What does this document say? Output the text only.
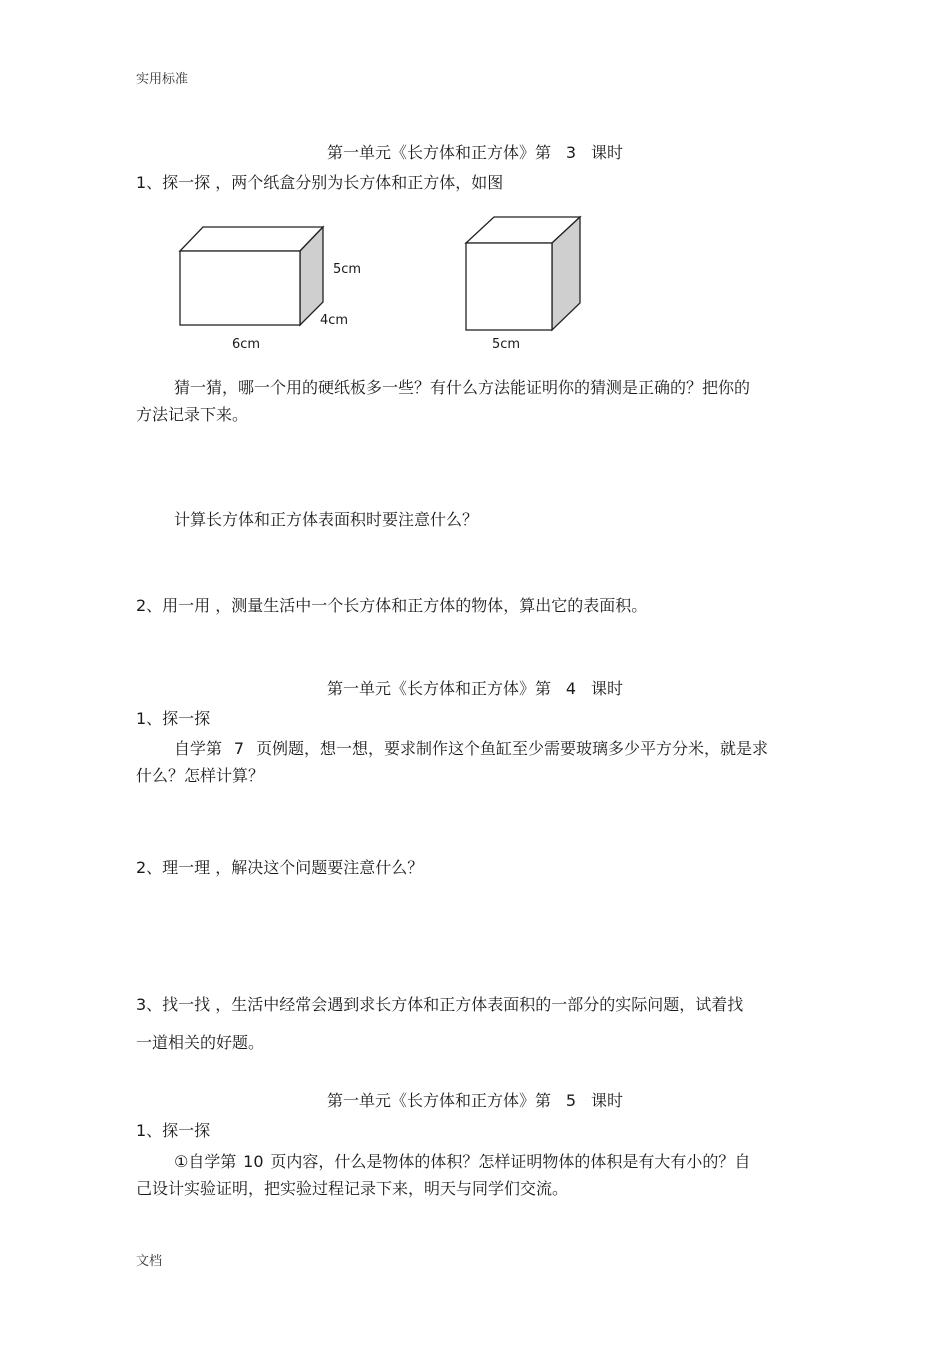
实用标准
文档
第一单元《长方体和正方体》第 3 课时
1、探一探 ，两个纸盒分别为长方体和正方体，如图
5cm
4cm
6cm	5cm
猜一猜，哪一个用的硬纸板多一些？有什么方法能证明你的猜测是正确的？把你的
方法记录下来。
计算长方体和正方体表面积时要注意什么？
2、用一用 ，测量生活中一个长方体和正方体的物体，算出它的表面积。
第一单元《长方体和正方体》第 4 课时
1、探一探
自学第 7 页例题，想一想，要求制作这个鱼缸至少需要玻璃多少平方分米，就是求
什么？怎样计算？
2、理一理 ，解决这个问题要注意什么？
3、找一找 ，生活中经常会遇到求长方体和正方体表面积的一部分的实际问题，试着找
一道相关的好题。
第一单元《长方体和正方体》第 5 课时
1、探一探
①自学第 10 页内容，什么是物体的体积？怎样证明物体的体积是有大有小的？自
己设计实验证明，把实验过程记录下来，明天与同学们交流。
